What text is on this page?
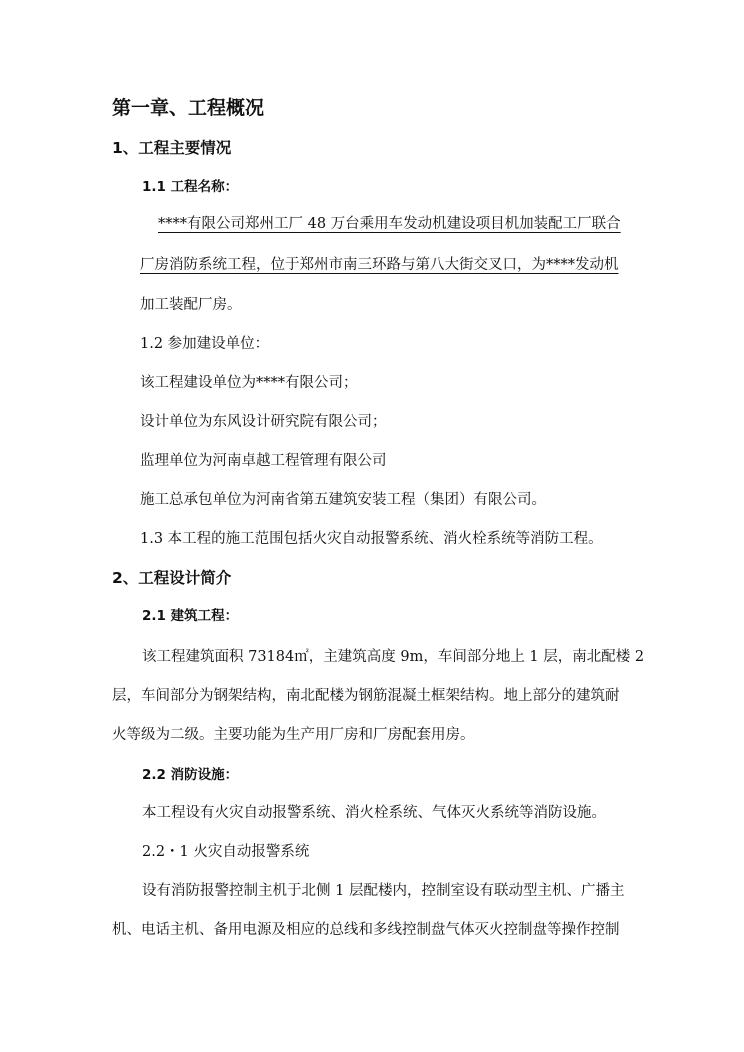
第一章、工程概况
1、工程主要情况
1.1 工程名称：
****有限公司郑州工厂 48 万台乘用车发动机建设项目机加装配工厂联合
厂房消防系统工程，位于郑州市南三环路与第八大街交叉口，为****发动机
加工装配厂房。
1.2 参加建设单位：
该工程建设单位为****有限公司；
设计单位为东风设计研究院有限公司；
监理单位为河南卓越工程管理有限公司
施工总承包单位为河南省第五建筑安装工程（集团）有限公司。
1.3 本工程的施工范围包括火灾自动报警系统、消火栓系统等消防工程。
2、工程设计简介
2.1 建筑工程：
该工程建筑面积 73184㎡，主建筑高度 9m，车间部分地上 1 层，南北配楼 2
层，车间部分为钢架结构，南北配楼为钢筋混凝土框架结构。地上部分的建筑耐
火等级为二级。主要功能为生产用厂房和厂房配套用房。
2.2 消防设施：
本工程设有火灾自动报警系统、消火栓系统、气体灭火系统等消防设施。
2.2・1 火灾自动报警系统
设有消防报警控制主机于北侧 1 层配楼内，控制室设有联动型主机、广播主
机、电话主机、备用电源及相应的总线和多线控制盘气体灭火控制盘等操作控制
